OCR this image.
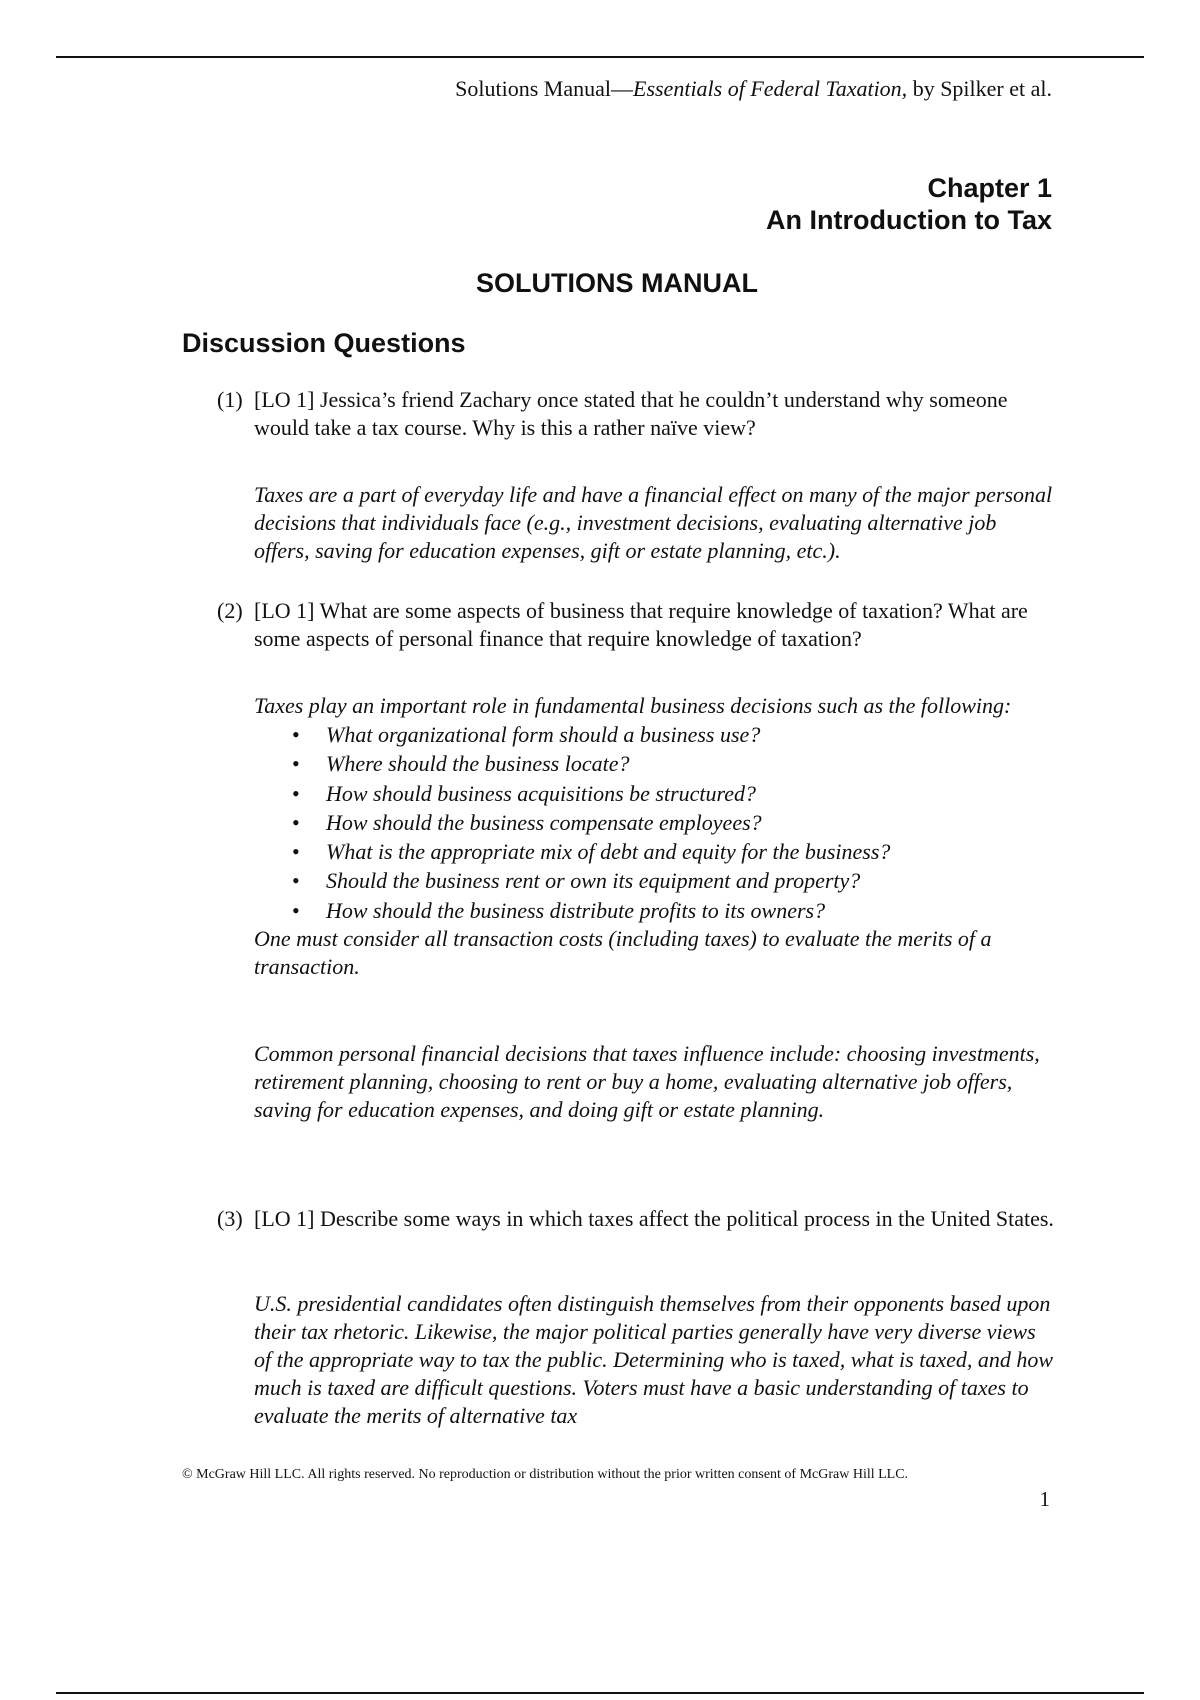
Solutions Manual—Essentials of Federal Taxation, by Spilker et al.
Chapter 1
An Introduction to Tax
SOLUTIONS MANUAL
Discussion Questions
(1) [LO 1] Jessica’s friend Zachary once stated that he couldn’t understand why someone would take a tax course. Why is this a rather naïve view?

Taxes are a part of everyday life and have a financial effect on many of the major personal decisions that individuals face (e.g., investment decisions, evaluating alternative job offers, saving for education expenses, gift or estate planning, etc.).

(2) [LO 1] What are some aspects of business that require knowledge of taxation? What are some aspects of personal finance that require knowledge of taxation?

Taxes play an important role in fundamental business decisions such as the following:

• What organizational form should a business use?
• Where should the business locate?
• How should business acquisitions be structured?
• How should the business compensate employees?
• What is the appropriate mix of debt and equity for the business?
• Should the business rent or own its equipment and property?
• How should the business distribute profits to its owners?

One must consider all transaction costs (including taxes) to evaluate the merits of a transaction.

Common personal financial decisions that taxes influence include: choosing investments, retirement planning, choosing to rent or buy a home, evaluating alternative job offers, saving for education expenses, and doing gift or estate planning.

(3) [LO 1] Describe some ways in which taxes affect the political process in the United States.

U.S. presidential candidates often distinguish themselves from their opponents based upon their tax rhetoric. Likewise, the major political parties generally have very diverse views of the appropriate way to tax the public. Determining who is taxed, what is taxed, and how much is taxed are difficult questions. Voters must have a basic understanding of taxes to evaluate the merits of alternative tax

© McGraw Hill LLC. All rights reserved. No reproduction or distribution without the prior written consent of McGraw Hill LLC.
1
